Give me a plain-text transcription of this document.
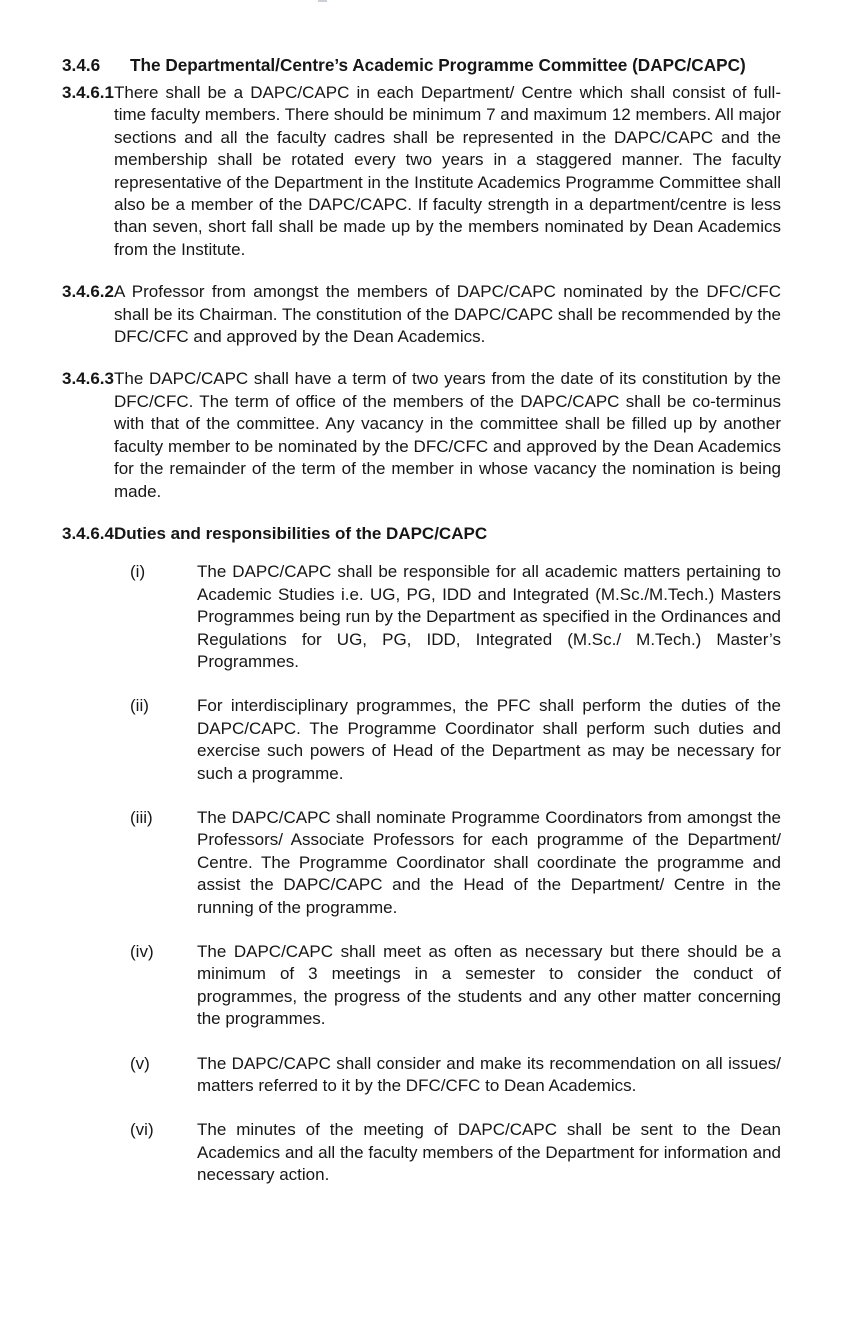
3.4.6	The Departmental/Centre’s Academic Programme Committee (DAPC/CAPC)
3.4.6.1 There shall be a DAPC/CAPC in each Department/ Centre which shall consist of full-time faculty members. There should be minimum 7 and maximum 12 members. All major sections and all the faculty cadres shall be represented in the DAPC/CAPC and the membership shall be rotated every two years in a staggered manner. The faculty representative of the Department in the Institute Academics Programme Committee shall also be a member of the DAPC/CAPC. If faculty strength in a department/centre is less than seven, short fall shall be made up by the members nominated by Dean Academics from the Institute.
3.4.6.2 A Professor from amongst the members of DAPC/CAPC nominated by the DFC/CFC shall be its Chairman. The constitution of the DAPC/CAPC shall be recommended by the DFC/CFC and approved by the Dean Academics.
3.4.6.3 The DAPC/CAPC shall have a term of two years from the date of its constitution by the DFC/CFC. The term of office of the members of the DAPC/CAPC shall be co-terminus with that of the committee. Any vacancy in the committee shall be filled up by another faculty member to be nominated by the DFC/CFC and approved by the Dean Academics for the remainder of the term of the member in whose vacancy the nomination is being made.
3.4.6.4 Duties and responsibilities of the DAPC/CAPC
(i)	The DAPC/CAPC shall be responsible for all academic matters pertaining to Academic Studies i.e. UG, PG, IDD and Integrated (M.Sc./M.Tech.) Masters Programmes being run by the Department as specified in the Ordinances and Regulations for UG, PG, IDD, Integrated (M.Sc./ M.Tech.) Master’s Programmes.
(ii)	For interdisciplinary programmes, the PFC shall perform the duties of the DAPC/CAPC. The Programme Coordinator shall perform such duties and exercise such powers of Head of the Department as may be necessary for such a programme.
(iii)	The DAPC/CAPC shall nominate Programme Coordinators from amongst the Professors/ Associate Professors for each programme of the Department/ Centre. The Programme Coordinator shall coordinate the programme and assist the DAPC/CAPC and the Head of the Department/ Centre in the running of the programme.
(iv)	The DAPC/CAPC shall meet as often as necessary but there should be a minimum of 3 meetings in a semester to consider the conduct of programmes, the progress of the students and any other matter concerning the programmes.
(v)	The DAPC/CAPC shall consider and make its recommendation on all issues/ matters referred to it by the DFC/CFC to Dean Academics.
(vi)	The minutes of the meeting of DAPC/CAPC shall be sent to the Dean Academics and all the faculty members of the Department for information and necessary action.
